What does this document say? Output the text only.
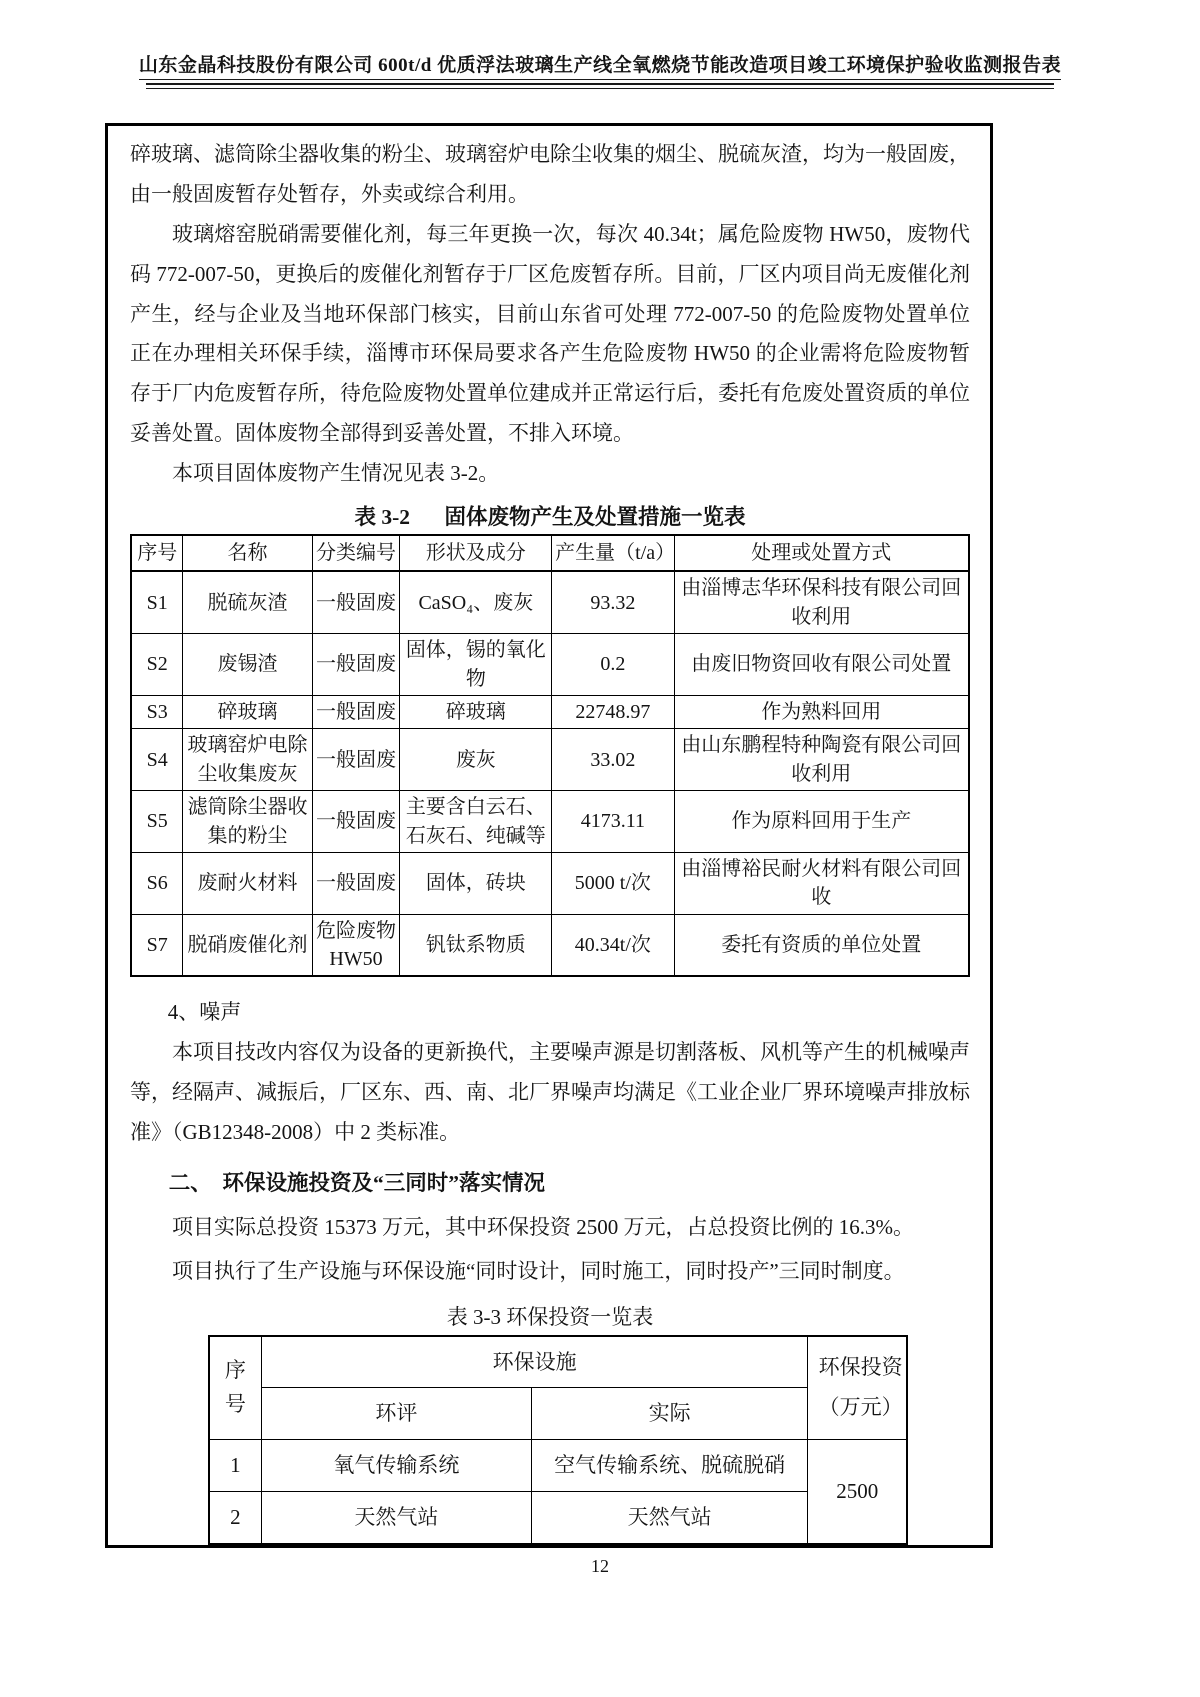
山东金晶科技股份有限公司 600t/d 优质浮法玻璃生产线全氧燃烧节能改造项目竣工环境保护验收监测报告表

碎玻璃、滤筒除尘器收集的粉尘、玻璃窑炉电除尘收集的烟尘、脱硫灰渣，均为一般固废，由一般固废暂存处暂存，外卖或综合利用。

玻璃熔窑脱硝需要催化剂，每三年更换一次，每次 40.34t；属危险废物 HW50，废物代码 772-007-50，更换后的废催化剂暂存于厂区危废暂存所。目前，厂区内项目尚无废催化剂产生，经与企业及当地环保部门核实，目前山东省可处理 772-007-50 的危险废物处置单位正在办理相关环保手续，淄博市环保局要求各产生危险废物 HW50 的企业需将危险废物暂存于厂内危废暂存所，待危险废物处置单位建成并正常运行后，委托有危废处置资质的单位妥善处置。固体废物全部得到妥善处置，不排入环境。

本项目固体废物产生情况见表 3-2。

表 3-2 固体废物产生及处置措施一览表
序号	名称	分类编号	形状及成分	产生量（t/a）	处理或处置方式
S1	脱硫灰渣	一般固废	CaSO₄、废灰	93.32	由淄博志华环保科技有限公司回收利用
S2	废锡渣	一般固废	固体，锡的氧化物	0.2	由废旧物资回收有限公司处置
S3	碎玻璃	一般固废	碎玻璃	22748.97	作为熟料回用
S4	玻璃窑炉电除尘收集废灰	一般固废	废灰	33.02	由山东鹏程特种陶瓷有限公司回收利用
S5	滤筒除尘器收集的粉尘	一般固废	主要含白云石、石灰石、纯碱等	4173.11	作为原料回用于生产
S6	废耐火材料	一般固废	固体，砖块	5000 t/次	由淄博裕民耐火材料有限公司回收
S7	脱硝废催化剂	危险废物 HW50	钒钛系物质	40.34t/次	委托有资质的单位处置

4、噪声

本项目技改内容仅为设备的更新换代，主要噪声源是切割落板、风机等产生的机械噪声等，经隔声、减振后，厂区东、西、南、北厂界噪声均满足《工业企业厂界环境噪声排放标准》（GB12348-2008）中 2 类标准。

二、　环保设施投资及“三同时”落实情况

项目实际总投资 15373 万元，其中环保投资 2500 万元，占总投资比例的 16.3%。

项目执行了生产设施与环保设施“同时设计，同时施工，同时投产”三同时制度。

表 3-3 环保投资一览表
序号	环保设施		环保投资（万元）

	环评	实际	
1	氧气传输系统	空气传输系统、脱硫脱硝	2500
2	天然气站	天然气站	
12
